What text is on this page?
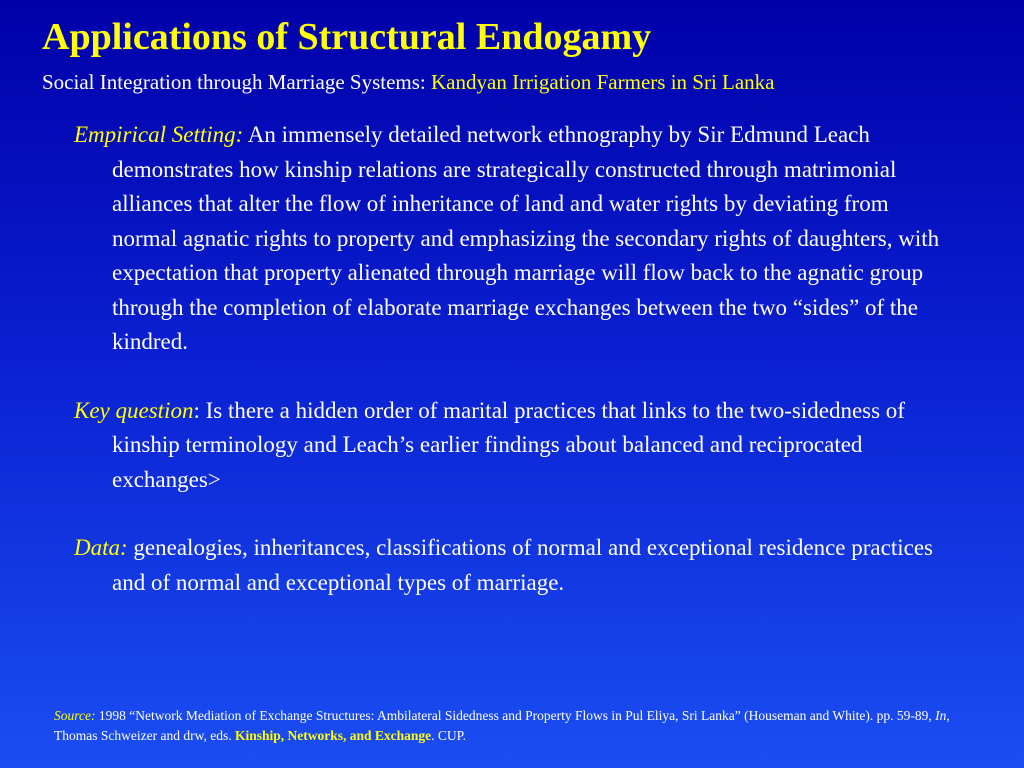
Applications of Structural Endogamy

Social Integration through Marriage Systems: Kandyan Irrigation Farmers in Sri Lanka

Empirical Setting: An immensely detailed network ethnography by Sir Edmund Leach demonstrates how kinship relations are strategically constructed through matrimonial alliances that alter the flow of inheritance of land and water rights by deviating from normal agnatic rights to property and emphasizing the secondary rights of daughters, with expectation that property alienated through marriage will flow back to the agnatic group through the completion of elaborate marriage exchanges between the two “sides” of the kindred.

Key question: Is there a hidden order of marital practices that links to the two-sidedness of kinship terminology and Leach’s earlier findings about balanced and reciprocated exchanges>

Data: genealogies, inheritances, classifications of normal and exceptional residence practices and of normal and exceptional types of marriage.

Source: 1998 “Network Mediation of Exchange Structures: Ambilateral Sidedness and Property Flows in Pul Eliya, Sri Lanka” (Houseman and White). pp. 59-89, In, Thomas Schweizer and drw, eds. Kinship, Networks, and Exchange. CUP.
